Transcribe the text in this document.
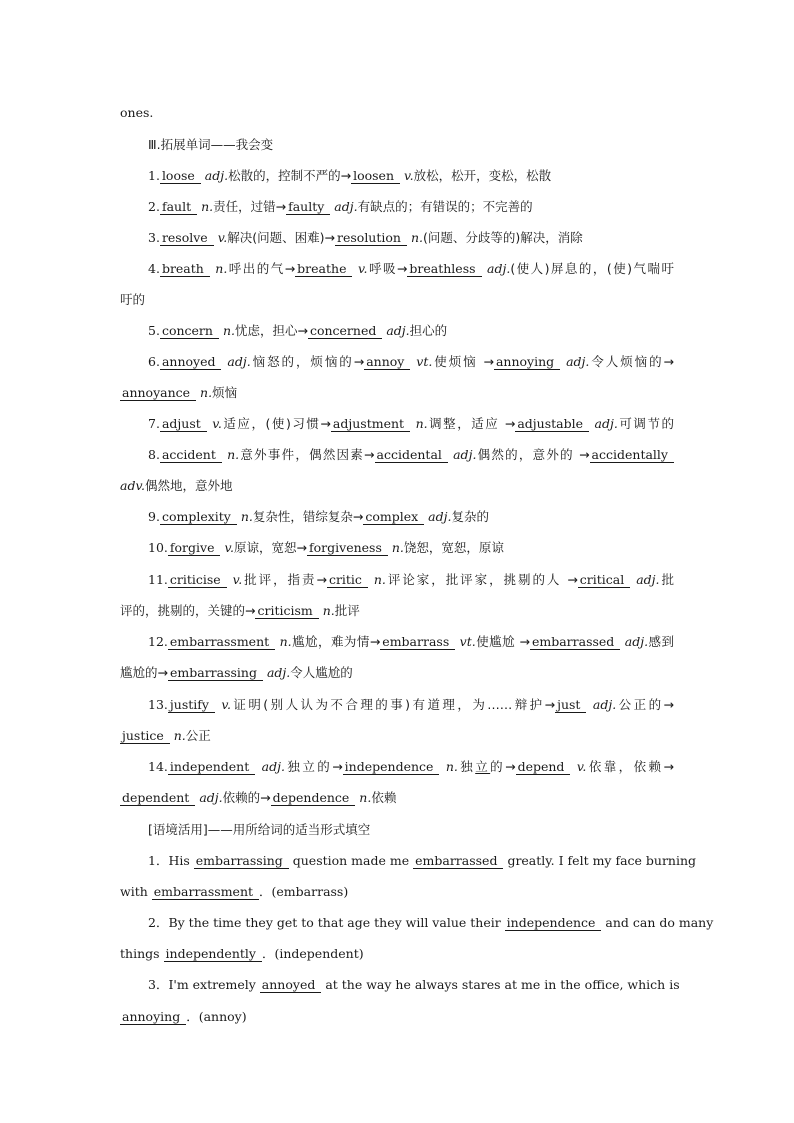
ones.
Ⅲ.拓展单词——我会变
1. loose adj.松散的，控制不严的→ loosen v.放松，松开，变松，松散
2. fault n.责任，过错→ faulty adj.有缺点的；有错误的；不完善的
3. resolve v.解决(问题、困难)→ resolution n.(问题、分歧等的)解决，消除
4. breath n.呼出的气→ breathe v.呼吸→ breathless adj.(使人)屏息的，(使)气喘吁
吁的
5. concern n.忧虑，担心→ concerned adj.担心的
6. annoyed adj.恼怒的，烦恼的→ annoy vt.使烦恼 → annoying adj.令人烦恼的→
annoyance n.烦恼
7. adjust v.适应，(使)习惯→ adjustment n.调整，适应 → adjustable adj.可调节的
8. accident n.意外事件，偶然因素→ accidental adj.偶然的，意外的 → accidentally
adv.偶然地，意外地
9. complexity n.复杂性，错综复杂→ complex adj.复杂的
10. forgive v.原谅，宽恕→ forgiveness n.饶恕，宽恕，原谅
11. criticise v.批评，指责→ critic n.评论家，批评家，挑剔的人 → critical adj.批
评的，挑剔的，关键的→ criticism n.批评
12. embarrassment n.尴尬，难为情→ embarrass vt.使尴尬 → embarrassed adj.感到
尴尬的→ embarrassing adj.令人尴尬的
13. justify v.证明(别人认为不合理的事)有道理，为……辩护→ just adj.公正的→
justice n.公正
14. independent adj.独立的→ independence n.独立的→ depend v.依靠，依赖→
dependent adj.依赖的→ dependence n.依赖
[语境活用]——用所给词的适当形式填空
1．His embarrassing question made me embarrassed greatly. I felt my face burning
with embarrassment ．(embarrass)
2．By the time they get to that age they will value their independence and can do many
things independently ．(independent)
3．I'm extremely annoyed at the way he always stares at me in the office, which is
annoying ．(annoy)
